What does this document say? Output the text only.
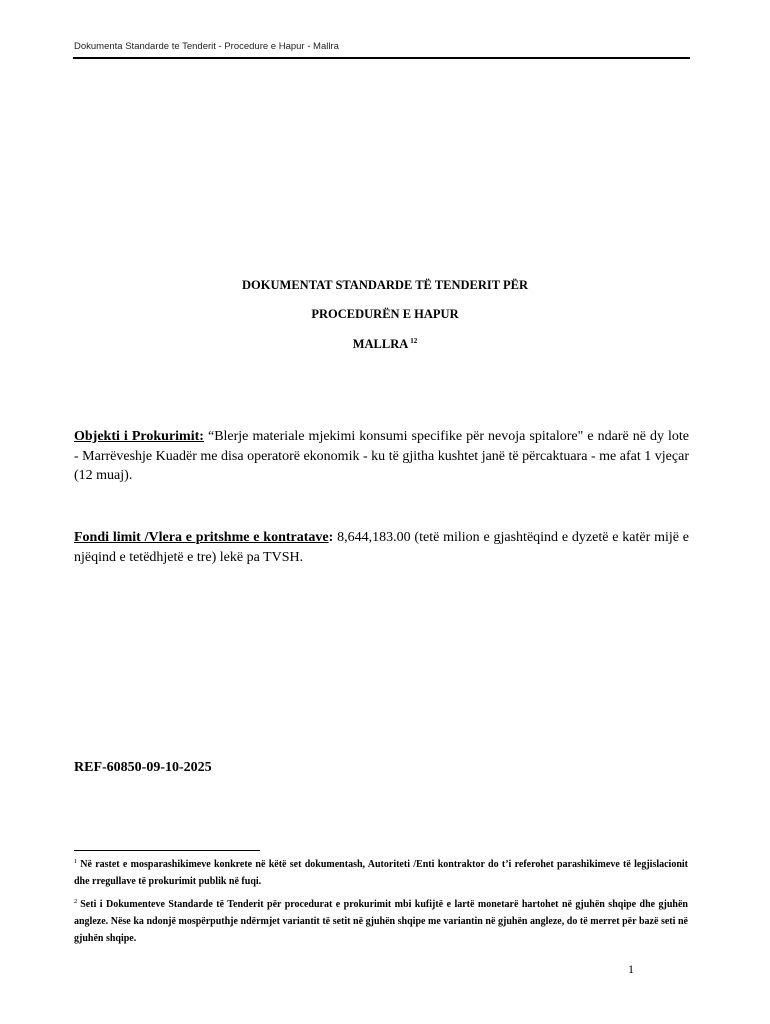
Dokumenta Standarde te Tenderit - Procedure e Hapur - Mallra
DOKUMENTAT STANDARDE TË TENDERIT PËR
PROCEDURËN E HAPUR
MALLRA $^{12}$
Objekti i Prokurimit: “Blerje materiale mjekimi konsumi specifike për nevoja spitalore" e ndarë në dy lote - Marrëveshje Kuadër me disa operatorë ekonomik - ku të gjitha kushtet janë të përcaktuara - me afat 1 vjeçar (12 muaj).
Fondi limit /Vlera e pritshme e kontratave: 8,644,183.00 (tetë milion e gjashtëqind e dyzetë e katër mijë e njëqind e tetëdhjetë e tre) lekë pa TVSH.
REF-60850-09-10-2025
$^1$ Në rastet e mosparashikimeve konkrete në këtë set dokumentash, Autoriteti /Enti kontraktor do t’i referohet parashikimeve të legjislacionit dhe rregullave të prokurimit publik në fuqi.
$^2$ Seti i Dokumenteve Standarde të Tenderit për procedurat e prokurimit mbi kufijtë e lartë monetarë hartohet në gjuhën shqipe dhe gjuhën angleze. Nëse ka ndonjë mospërputhje ndërmjet variantit të setit në gjuhën shqipe me variantin në gjuhën angleze, do të merret për bazë seti në gjuhën shqipe.
1
